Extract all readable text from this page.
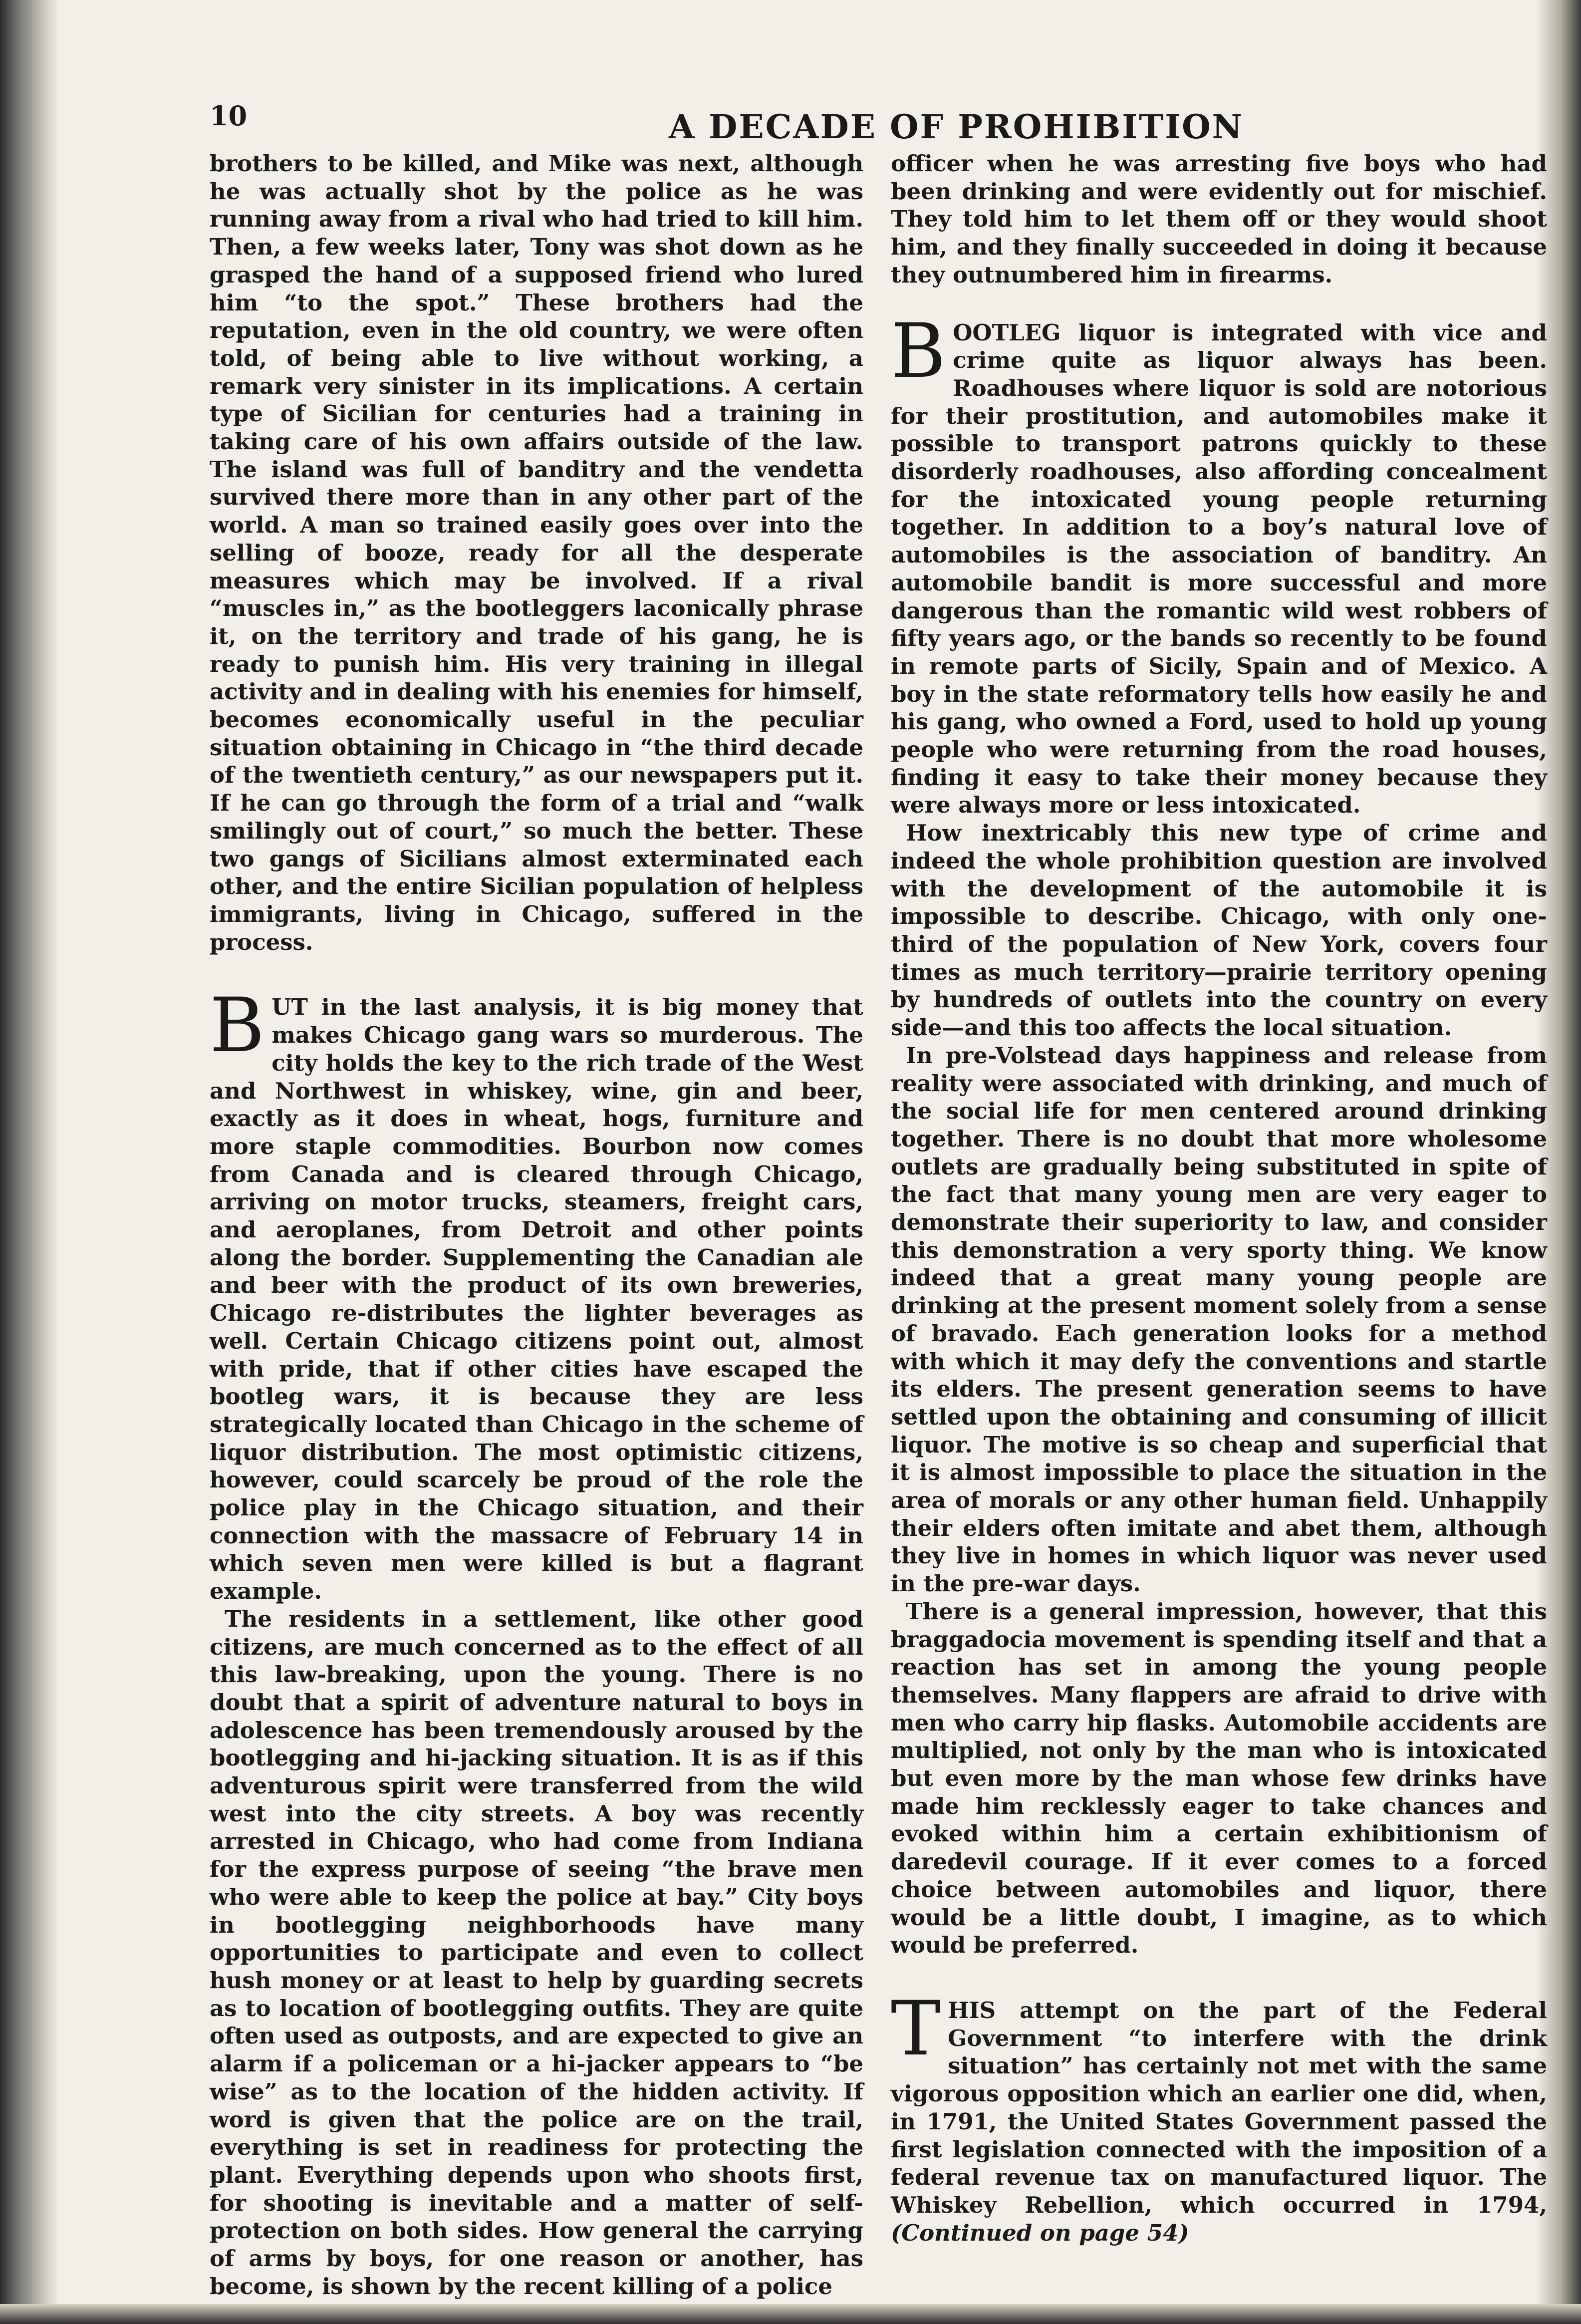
10	A DECADE OF PROHIBITION

brothers to be killed, and Mike was next, although he was actually shot by the police as he was running away from a rival who had tried to kill him. Then, a few weeks later, Tony was shot down as he grasped the hand of a supposed friend who lured him “to the spot.” These brothers had the reputation, even in the old country, we were often told, of being able to live without working, a remark very sinister in its implications. A certain type of Sicilian for centuries had a training in taking care of his own affairs outside of the law. The island was full of banditry and the vendetta survived there more than in any other part of the world. A man so trained easily goes over into the selling of booze, ready for all the desperate measures which may be involved. If a rival “muscles in,” as the bootleggers laconically phrase it, on the territory and trade of his gang, he is ready to punish him. His very training in illegal activity and in dealing with his enemies for himself, becomes economically useful in the peculiar situation obtaining in Chicago in “the third decade of the twentieth century,” as our newspapers put it. If he can go through the form of a trial and “walk smilingly out of court,” so much the better. These two gangs of Sicilians almost exterminated each other, and the entire Sicilian population of helpless immigrants, living in Chicago, suffered in the process.

BUT in the last analysis, it is big money that makes Chicago gang wars so murderous. The city holds the key to the rich trade of the West and Northwest in whiskey, wine, gin and beer, exactly as it does in wheat, hogs, furniture and more staple commodities. Bourbon now comes from Canada and is cleared through Chicago, arriving on motor trucks, steamers, freight cars, and aeroplanes, from Detroit and other points along the border. Supplementing the Canadian ale and beer with the product of its own breweries, Chicago re-distributes the lighter beverages as well. Certain Chicago citizens point out, almost with pride, that if other cities have escaped the bootleg wars, it is because they are less strategically located than Chicago in the scheme of liquor distribution. The most optimistic citizens, however, could scarcely be proud of the role the police play in the Chicago situation, and their connection with the massacre of February 14 in which seven men were killed is but a flagrant example.

The residents in a settlement, like other good citizens, are much concerned as to the effect of all this law-breaking, upon the young. There is no doubt that a spirit of adventure natural to boys in adolescence has been tremendously aroused by the bootlegging and hi-jacking situation. It is as if this adventurous spirit were transferred from the wild west into the city streets. A boy was recently arrested in Chicago, who had come from Indiana for the express purpose of seeing “the brave men who were able to keep the police at bay.” City boys in bootlegging neighborhoods have many opportunities to participate and even to collect hush money or at least to help by guarding secrets as to location of bootlegging outfits. They are quite often used as outposts, and are expected to give an alarm if a policeman or a hi-jacker appears to “be wise” as to the location of the hidden activity. If word is given that the police are on the trail, everything is set in readiness for protecting the plant. Everything depends upon who shoots first, for shooting is inevitable and a matter of self-protection on both sides. How general the carrying of arms by boys, for one reason or another, has become, is shown by the recent killing of a police

officer when he was arresting five boys who had been drinking and were evidently out for mischief. They told him to let them off or they would shoot him, and they finally succeeded in doing it because they outnumbered him in firearms.

BOOTLEG liquor is integrated with vice and crime quite as liquor always has been. Roadhouses where liquor is sold are notorious for their prostitution, and automobiles make it possible to transport patrons quickly to these disorderly roadhouses, also affording concealment for the intoxicated young people returning together. In addition to a boy’s natural love of automobiles is the association of banditry. An automobile bandit is more successful and more dangerous than the romantic wild west robbers of fifty years ago, or the bands so recently to be found in remote parts of Sicily, Spain and of Mexico. A boy in the state reformatory tells how easily he and his gang, who owned a Ford, used to hold up young people who were returning from the road houses, finding it easy to take their money because they were always more or less intoxicated.

How inextricably this new type of crime and indeed the whole prohibition question are involved with the development of the automobile it is impossible to describe. Chicago, with only one-third of the population of New York, covers four times as much territory—prairie territory opening by hundreds of outlets into the country on every side—and this too affects the local situation.

In pre-Volstead days happiness and release from reality were associated with drinking, and much of the social life for men centered around drinking together. There is no doubt that more wholesome outlets are gradually being substituted in spite of the fact that many young men are very eager to demonstrate their superiority to law, and consider this demonstration a very sporty thing. We know indeed that a great many young people are drinking at the present moment solely from a sense of bravado. Each generation looks for a method with which it may defy the conventions and startle its elders. The present generation seems to have settled upon the obtaining and consuming of illicit liquor. The motive is so cheap and superficial that it is almost impossible to place the situation in the area of morals or any other human field. Unhappily their elders often imitate and abet them, although they live in homes in which liquor was never used in the pre-war days.

There is a general impression, however, that this braggadocia movement is spending itself and that a reaction has set in among the young people themselves. Many flappers are afraid to drive with men who carry hip flasks. Automobile accidents are multiplied, not only by the man who is intoxicated but even more by the man whose few drinks have made him recklessly eager to take chances and evoked within him a certain exhibitionism of daredevil courage. If it ever comes to a forced choice between automobiles and liquor, there would be a little doubt, I imagine, as to which would be preferred.

THIS attempt on the part of the Federal Government “to interfere with the drink situation” has certainly not met with the same vigorous opposition which an earlier one did, when, in 1791, the United States Government passed the first legislation connected with the imposition of a federal revenue tax on manufactured liquor. The Whiskey Rebellion, which occurred in 1794, (Continued on page 54)
